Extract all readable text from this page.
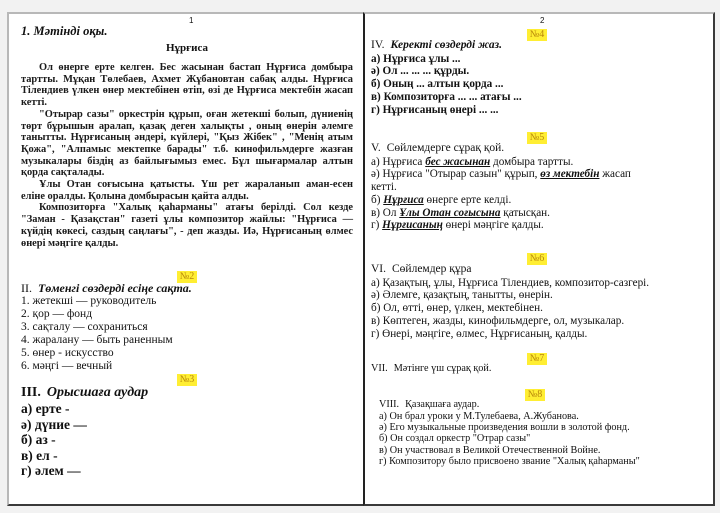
1
1. Мәтінді оқы.
Нұрғиса
Ол өнерге ерте келген. Бес жасынан бастап Нұрғиса домбыра тартты. Мұқан Төлебаев, Ахмет Жұбановтан сабақ алды. Нұрғиса Тілендиев үлкен өнер мектебінен өтіп, өзі де Нұрғиса мектебін жасап кетті.
"Отырар сазы" оркестрін құрып, оған жетекші болып, дүниенің төрт бұрышын аралап, қазақ деген халықты , оның өнерін әлемге танытты. Нұрғисаның әндері, күйлері, "Қыз Жібек" , "Менің атым Қожа", "Алпамыс мектепке барады" т.б. кинофильмдерге жазған музыкалары біздің аз байлығымыз емес. Бұл шығармалар алтын қорда сақталады.
Ұлы Отан соғысына қатысты. Үш рет жараланып аман-есен еліне оралды. Қолына домбырасын қайта алды.
Композиторға "Халық қаһарманы" атағы берілді. Сол кезде "Заман - Қазақстан" газеті ұлы композитор жайлы: "Нұрғиса — күйдің көкесі, саздың саңлағы", - деп жазды. Иә, Нұрғисаның өлмес өнері мәңгіге қалды.
№2
II. Төменгі сөздерді есіңе сақта.
1. жетекші — руководитель
2. қор — фонд
3. сақталу — сохраниться
4. жаралану — быть раненным
5. өнер - искусство
6. мәңгі — вечный
№3
III. Орысшаға аудар
а) ерте -
ә) дүние —
б) аз -
в) ел -
г) әлем —
2
№4
IV. Керекті сөздерді жаз.
а) Нұрғиса ұлы ...
ә) Ол ... ... ... құрды.
б) Оның ... алтын қорда ...
в) Композиторға ... ... атағы ...
г) Нұрғисаның өнері ... ...
№5
V. Сөйлемдерге сұрақ қой.
а) Нұрғиса бес жасынан домбыра тартты.
ә) Нұрғиса "Отырар сазын" құрып, өз мектебін жасап кетті.
б) Нұрғиса өнерге ерте келді.
в) Ол Ұлы Отан соғысына қатысқан.
г) Нұрғисаның өнері мәңгіге қалды.
№6
VI. Сөйлемдер құра
а) Қазақтың, ұлы, Нұрғиса Тілендиев, композитор-сазгері.
ә) Әлемге, қазақтың, танытты, өнерін.
б) Ол, өтті, өнер, үлкен, мектебінен.
в) Көптеген, жазды, кинофильмдерге, ол, музыкалар.
г) Өнері, мәңгіге, өлмес, Нұрғисаның, қалды.
№7
VII. Мәтінге үш сұрақ қой.
№8
VIII. Қазақшаға аудар.
а) Он брал уроки у М.Тулебаева, А.Жубанова.
ә) Его музыкальные произведения вошли в золотой фонд.
б) Он создал оркестр "Отрар сазы"
в) Он участвовал в Великой Отечественной Войне.
г) Композитору было присвоено звание "Халық қаһарманы"
